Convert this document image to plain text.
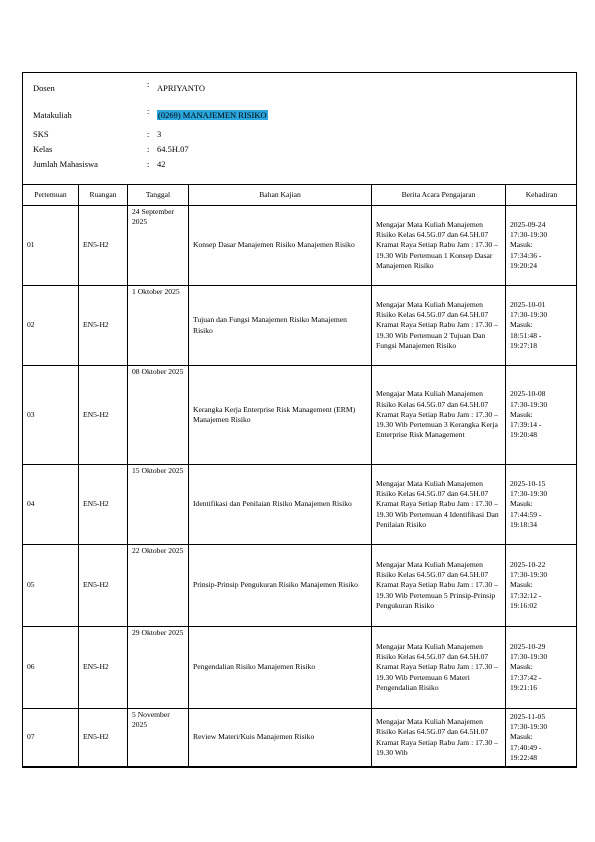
Dosen	: APRIYANTO
Matakuliah	: (0269) MANAJEMEN RISIKO
SKS	: 3
Kelas	: 64.5H.07
Jumlah Mahasiswa	: 42
Pertemuan	Ruangan	Tanggal	Bahan Kajian	Berita Acara Pengajaran	Kehadiran
01	EN5-H2	24 September 2025	Konsep Dasar Manajemen Risiko Manajemen Risiko	Mengajar Mata Kuliah Manajemen Risiko Kelas 64.5G.07 dan 64.5H.07 Kramat Raya Setiap Rabu Jam : 17.30 – 19.30 Wib Pertemuan 1 Konsep Dasar Manajemen Risiko	2025-09-24
17:30-19:30
Masuk:
17:34:36 -
19:20:24
02	EN5-H2	1 Oktober 2025	Tujuan dan Fungsi Manajemen Risiko Manajemen Risiko	Mengajar Mata Kuliah Manajemen Risiko Kelas 64.5G.07 dan 64.5H.07 Kramat Raya Setiap Rabu Jam : 17.30 – 19.30 Wib Pertemuan 2 Tujuan Dan Fungsi Manajemen Risiko	2025-10-01
17:30-19:30
Masuk:
18:51:48 -
19:27:18
03	EN5-H2	08 Oktober 2025	Kerangka Kerja Enterprise Risk Management (ERM) Manajemen Risiko	Mengajar Mata Kuliah Manajemen Risiko Kelas 64.5G.07 dan 64.5H.07 Kramat Raya Setiap Rabu Jam : 17.30 – 19.30 Wib Pertemuan 3 Kerangka Kerja Enterprise Risk Management	2025-10-08
17:30-19:30
Masuk:
17:39:14 -
19:20:48
04	EN5-H2	15 Oktober 2025	Identifikasi dan Penilaian Risiko Manajemen Risiko	Mengajar Mata Kuliah Manajemen Risiko Kelas 64.5G.07 dan 64.5H.07 Kramat Raya Setiap Rabu Jam : 17.30 – 19.30 Wib Pertemuan 4 Identifikasi Dan Penilaian Risiko	2025-10-15
17:30-19:30
Masuk:
17:44:59 -
19:18:34
05	EN5-H2	22 Oktober 2025	Prinsip-Prinsip Pengukuran Risiko Manajemen Risiko	Mengajar Mata Kuliah Manajemen Risiko Kelas 64.5G.07 dan 64.5H.07 Kramat Raya Setiap Rabu Jam : 17.30 – 19.30 Wib Pertemuan 5 Prinsip-Prinsip Pengukuran Risiko	2025-10-22
17:30-19:30
Masuk:
17:32:12 -
19:16:02
06	EN5-H2	29 Oktober 2025	Pengendalian Risiko Manajemen Risiko	Mengajar Mata Kuliah Manajemen Risiko Kelas 64.5G.07 dan 64.5H.07 Kramat Raya Setiap Rabu Jam : 17.30 – 19.30 Wib Pertemuan 6 Materi Pengendalian Risiko	2025-10-29
17:30-19:30
Masuk:
17:37:42 -
19:21:16
07	EN5-H2	5 November 2025	Review Materi/Kuis Manajemen Risiko	Mengajar Mata Kuliah Manajemen Risiko Kelas 64.5G.07 dan 64.5H.07 Kramat Raya Setiap Rabu Jam : 17.30 – 19.30 Wib	2025-11-05
17:30-19:30
Masuk:
17:40:49 -
19:22:48
